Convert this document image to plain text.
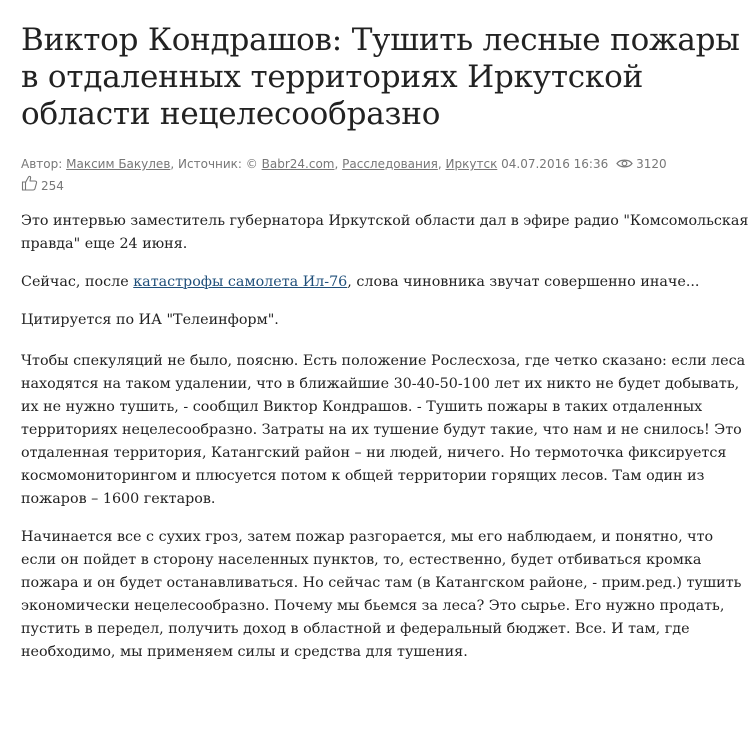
Виктор Кондрашов: Тушить лесные пожары в отдаленных территориях Иркутской области нецелесообразно
Автор: Максим Бакулев, Источник: © Babr24.com, Расследования, Иркутск 04.07.2016 16:36 3120
254

Это интервью заместитель губернатора Иркутской области дал в эфире радио "Комсомольская правда" еще 24 июня.

Сейчас, после катастрофы самолета Ил-76, слова чиновника звучат совершенно иначе...

Цитируется по ИА "Телеинформ".

Чтобы спекуляций не было, поясню. Есть положение Рослесхоза, где четко сказано: если леса находятся на таком удалении, что в ближайшие 30-40-50-100 лет их никто не будет добывать, их не нужно тушить, - сообщил Виктор Кондрашов. - Тушить пожары в таких отдаленных территориях нецелесообразно. Затраты на их тушение будут такие, что нам и не снилось! Это отдаленная территория, Катангский район – ни людей, ничего. Но термоточка фиксируется космомониторингом и плюсуется потом к общей территории горящих лесов. Там один из пожаров – 1600 гектаров.

Начинается все с сухих гроз, затем пожар разгорается, мы его наблюдаем, и понятно, что если он пойдет в сторону населенных пунктов, то, естественно, будет отбиваться кромка пожара и он будет останавливаться. Но сейчас там (в Катангском районе, - прим.ред.) тушить экономически нецелесообразно. Почему мы бьемся за леса? Это сырье. Его нужно продать, пустить в передел, получить доход в областной и федеральный бюджет. Все. И там, где необходимо, мы применяем силы и средства для тушения.
